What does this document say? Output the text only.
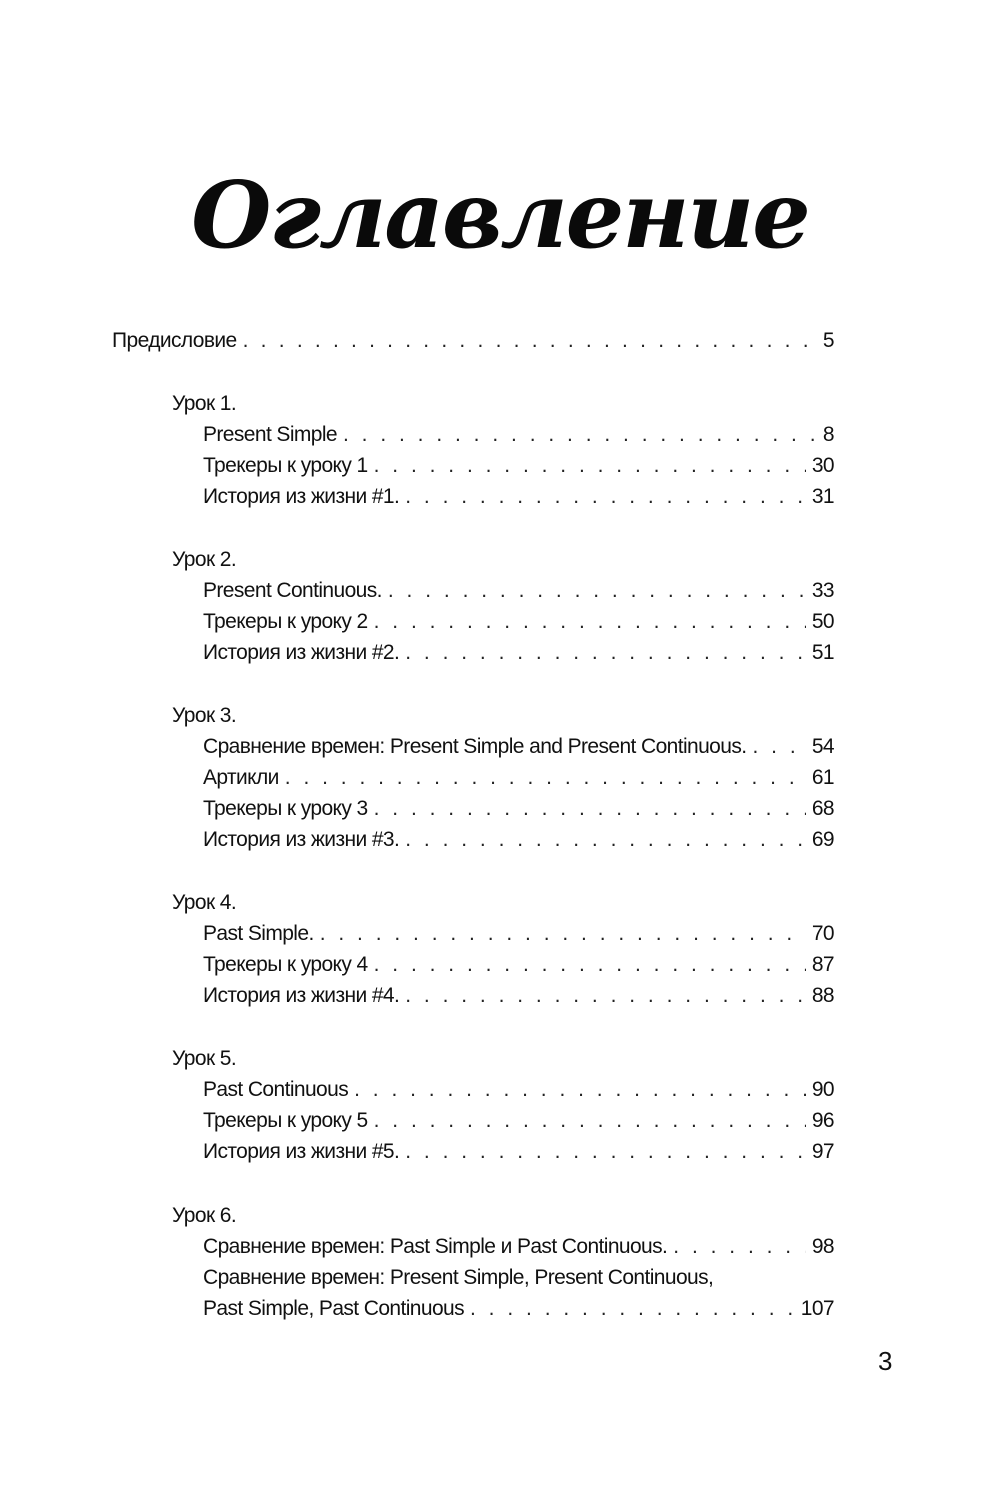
Оглавление
Предисловие . . .	5
Урок 1.
Present Simple . . .	8
Трекеры к уроку 1 . . .	30
История из жизни #1. . . .	31
Урок 2.
Present Continuous. . . .	33
Трекеры к уроку 2 . . .	50
История из жизни #2. . . .	51
Урок 3.
Сравнение времен: Present Simple and Present Continuous. . . .	54
Артикли . . .	61
Трекеры к уроку 3 . . .	68
История из жизни #3. . . .	69
Урок 4.
Past Simple. . . .	70
Трекеры к уроку 4 . . .	87
История из жизни #4. . . .	88
Урок 5.
Past Continuous . . .	90
Трекеры к уроку 5 . . .	96
История из жизни #5. . . .	97
Урок 6.
Сравнение времен: Past Simple и Past Continuous. . . .	98
Сравнение времен: Present Simple, Present Continuous,
Past Simple, Past Continuous . . .	107
3
